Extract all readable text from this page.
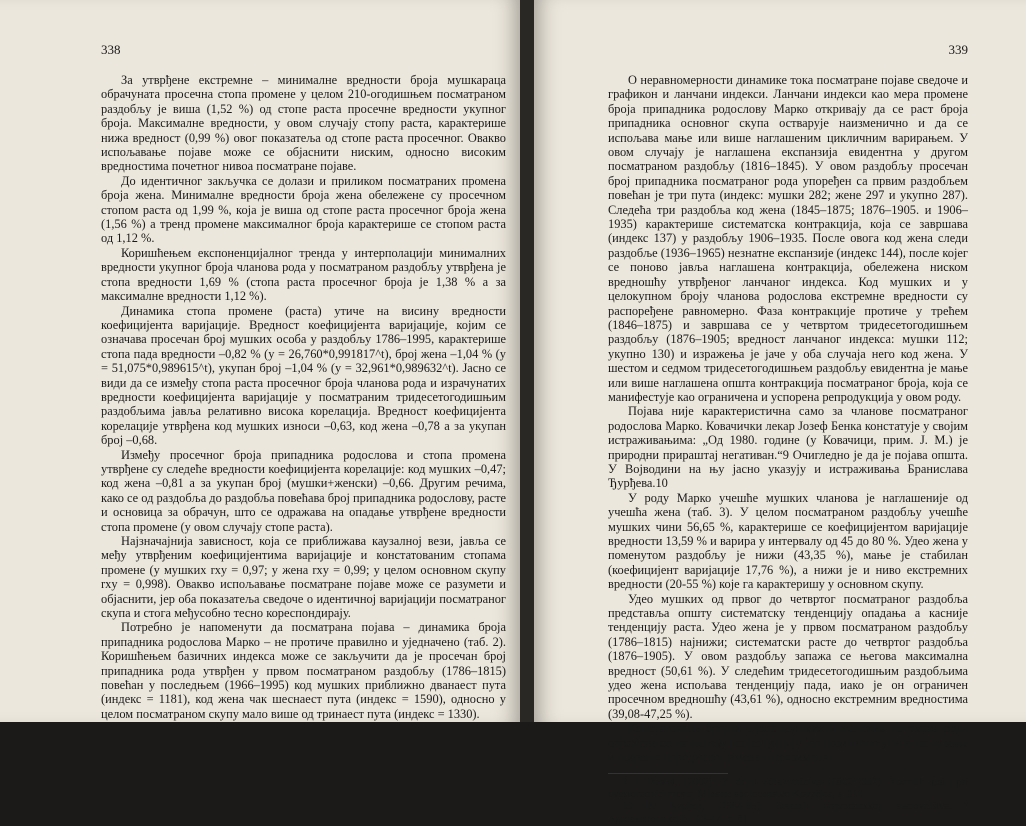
338

За утврђене екстремне – минималне вредности броја мушкараца обрачуната просечна стопа промене у целом 210-огодишњем посматраном раздобљу је виша (1,52 %) од стопе раста просечне вредности укупног броја. Максималне вредности, у овом случају стопу раста, карактерише нижа вредност (0,99 %) овог показатеља од стопе раста просечног. Овакво испољавање појаве може се објаснити ниским, односно високим вредностима почетног нивоа посматране појаве.

До идентичног закључка се долази и приликом посматраних промена броја жена. Минималне вредности броја жена обележене су просечном стопом раста од 1,99 %, која је виша од стопе раста просечног броја жена (1,56 %) а тренд промене максималног броја карактерише се стопом раста од 1,12 %.

Коришћењем експоненцијалног тренда у интерполацији минималних вредности укупног броја чланова рода у посматраном раздобљу утврђена је стопа вредности 1,69 % (стопа раста просечног броја је 1,38 % а за максималне вредности 1,12 %).

Динамика стопа промене (раста) утиче на висину вредности коефицијента варијације. Вредност коефицијента варијације, којим се означава просечан број мушких особа у раздобљу 1786–1995, карактерише стопа пада вредности –0,82 % (y = 26,760*0,991817^t), број жена –1,04 % (y = 51,075*0,989615^t), укупан број –1,04 % (y = 32,961*0,989632^t). Јасно се види да се између стопа раста просечног броја чланова рода и израчунатих вредности коефицијента варијације у посматраним тридесетогодишњим раздобљима јавља релативно висока корелација. Вредност коефицијента корелације утврђена код мушких износи –0,63, код жена –0,78 а за укупан број –0,68.

Између просечног броја припадника родослова и стопа промена утврђене су следеће вредности коефицијента корелације: код мушких –0,47; код жена –0,81 а за укупан број (мушки+женски) –0,66. Другим речима, како се од раздобља до раздобља повећава број припадника родослову, расте и основица за обрачун, што се одражава на опадање утврђене вредности стопа промене (у овом случају стопе раста).

Најзначајнија зависност, која се приближава каузалној вези, јавља се међу утврђеним коефицијентима варијације и констатованим стопама промене (у мушких rxy = 0,97; у жена rxy = 0,99; у целом основном скупу rxy = 0,998). Овакво испољавање посматране појаве може се разумети и објаснити, јер оба показатеља сведоче о идентичној варијацији посматраног скупа и стога међусобно тесно кореспондирају.

Потребно је напоменути да посматрана појава – динамика броја припадника родослова Марко – не протиче правилно и уједначено (таб. 2). Коришћењем базичних индекса може се закључити да је просечан број припадника рода утврђен у првом посматраном раздобљу (1786–1815) повећан у последњем (1966–1995) код мушких приближно двaнаест пута (индекс = 1181), код жена чак шеснаест пута (индекс = 1590), односно у целом посматраном скупу мало више од тринаест пута (индекс = 1330).

339

О неравномерности динамике тока посматране појаве сведоче и графикон и ланчани индекси. Ланчани индекси као мера промене броја припадника родослову Марко откривају да се раст броја припадника основног скупа остварује наизменично и да се испољава мање или више наглашеним цикличним варирањем. У овом случају је наглашена експанзија евидентна у другом посматраном раздобљу (1816–1845). У овом раздобљу просечан број припадника посматраног рода упоређен са првим раздобљем повећан је три пута (индекс: мушки 282; жене 297 и укупно 287). Следећа три раздобља код жена (1845–1875; 1876–1905. и 1906–1935) карактерише систематска контракција, која се завршава (индекс 137) у раздобљу 1906–1935. После овога код жена следи раздобље (1936–1965) незнатне експанзије (индекс 144), после којег се поново јавља наглашена контракција, обележена ниском вредношћу утврђеног ланчаног индекса. Код мушких и у целокупном броју чланова родослова екстремне вредности су распоређене равномерно. Фаза контракције протиче у трећем (1846–1875) и завршава се у четвртом тридесетогодишњем раздобљу (1876–1905; вредност ланчаног индекса: мушки 112; укупно 130) и изражења је јаче у оба случаја него код жена. У шестом и седмом тридесетогодишњем раздобљу евидентна је мање или више наглашена општа контракција посматраног броја, која се манифестује као ограничена и успорена репродукција у овом роду.

Појава није карактеристична само за чланове посматраног родослова Марко. Ковачички лекар Јозеф Бенка констатује у својим истраживањима: „Од 1980. године (у Ковачици, прим. J. M.) је природни прираштај негативан.“9 Очигледно је да је појава општа. У Војводини на њу јасно указују и истраживања Бранислава Ђурђева.10

У роду Марко учешће мушких чланова је наглашеније од учешћа жена (таб. 3). У целом посматраном раздобљу учешће мушких чини 56,65 %, карактерише се коефицијентом варијације вредности 13,59 % и варира у интервалу од 45 до 80 %. Удео жена у поменутом раздобљу је нижи (43,35 %), мање је стабилан (коефицијент варијације 17,76 %), а нижи је и ниво екстремних вредности (20-55 %) које га карактеришу у основном скупу.

Удео мушких од првог до четвртог посматраног раздобља представља општу систематску тенденцију опадања а касније тенденцију раста. Удео жена је у првом посматраном раздобљу (1786–1815) најнижи; систематски расте до четвртог раздобља (1876–1905). У овом раздобљу запажа се његова максимална вредност (50,61 %). У следећим тридесетогодишњим раздобљима удео жена испољава тенденцију пада, иако је он ограничен просечном вредношћу (43,61 %), односно екстремним вредностима (39,08-47,25 %).

Констатовани бројни однос мушких и женских потомака рода одражава се на његову репродукцију јер позитивно утиче на чување и ширење породичног имена – презимена.

9 J. Benka, (2002): Z dejín zdravotníctva (1802-2002). Zborník prác pri dvestoročníci mesta. Miestne spoločenstvo Kovačica, s. 310.

10 B. Ђурђев, (1984-85): Stаrenje vojvođanskog stanovništva. / Agroekonomika, br. 13–14, с. 81.
